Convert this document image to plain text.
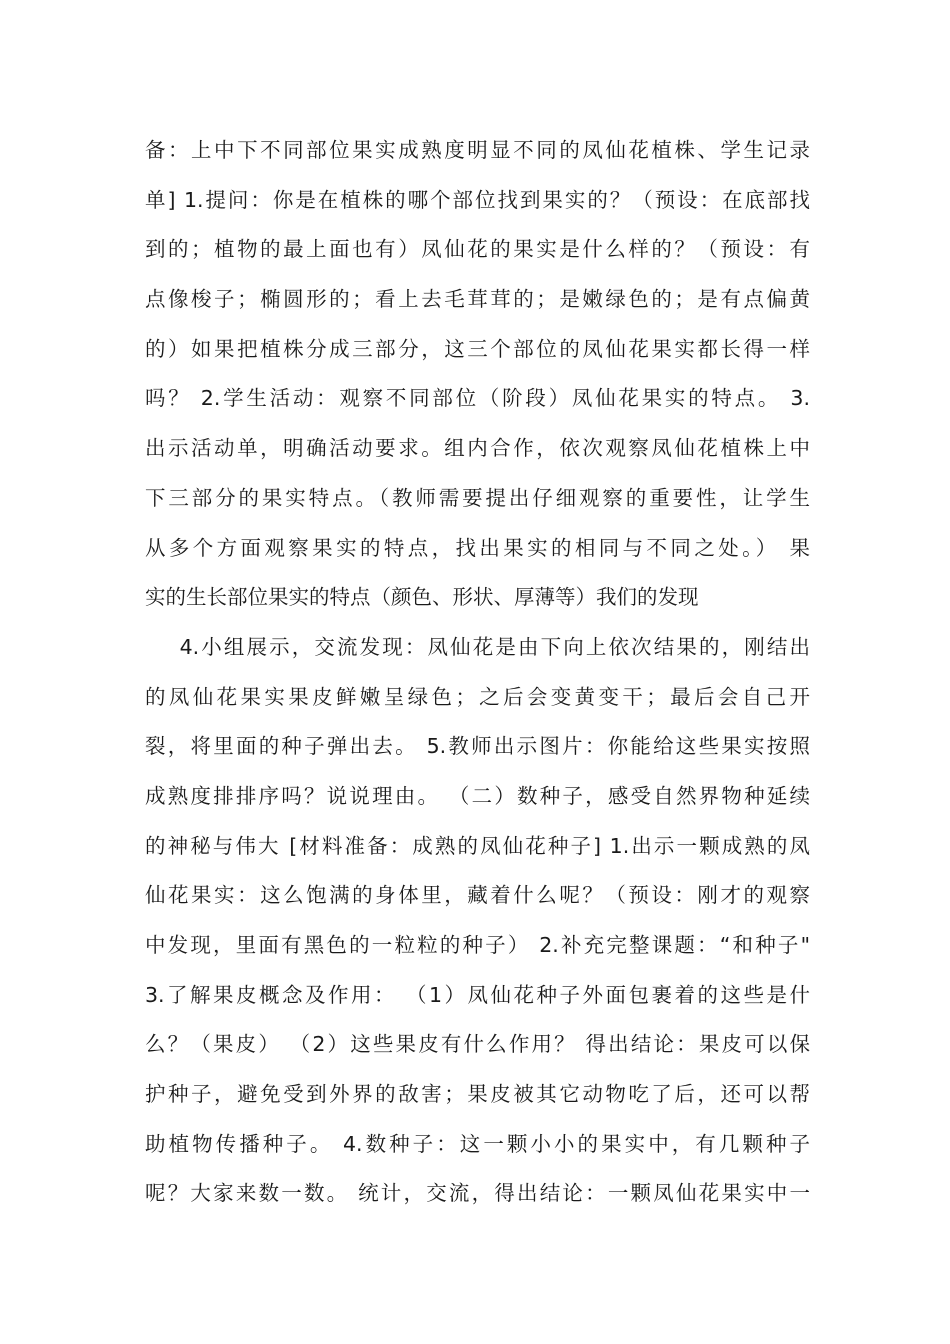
备：上中下不同部位果实成熟度明显不同的凤仙花植株、学生记录
单] 1.提问：你是在植株的哪个部位找到果实的？（预设：在底部找
到的；植物的最上面也有）凤仙花的果实是什么样的？（预设：有
点像梭子；椭圆形的；看上去毛茸茸的；是嫩绿色的；是有点偏黄
的）如果把植株分成三部分，这三个部位的凤仙花果实都长得一样
吗？ 2.学生活动：观察不同部位（阶段）凤仙花果实的特点。 3.
出示活动单，明确活动要求。组内合作，依次观察凤仙花植株上中
下三部分的果实特点。（教师需要提出仔细观察的重要性，让学生
从多个方面观察果实的特点，找出果实的相同与不同之处。） 果
实的生长部位果实的特点（颜色、形状、厚薄等）我们的发现
4.小组展示，交流发现：凤仙花是由下向上依次结果的，刚结出
的凤仙花果实果皮鲜嫩呈绿色；之后会变黄变干；最后会自己开
裂，将里面的种子弹出去。 5.教师出示图片：你能给这些果实按照
成熟度排排序吗？说说理由。 （二）数种子，感受自然界物种延续
的神秘与伟大 [材料准备：成熟的凤仙花种子] 1.出示一颗成熟的凤
仙花果实：这么饱满的身体里，藏着什么呢？（预设：刚才的观察
中发现，里面有黑色的一粒粒的种子） 2.补充完整课题：“和种子"
3.了解果皮概念及作用： （1）凤仙花种子外面包裹着的这些是什
么？（果皮） （2）这些果皮有什么作用？ 得出结论：果皮可以保
护种子，避免受到外界的敌害；果皮被其它动物吃了后，还可以帮
助植物传播种子。 4.数种子：这一颗小小的果实中，有几颗种子
呢？大家来数一数。 统计，交流，得出结论：一颗凤仙花果实中一
